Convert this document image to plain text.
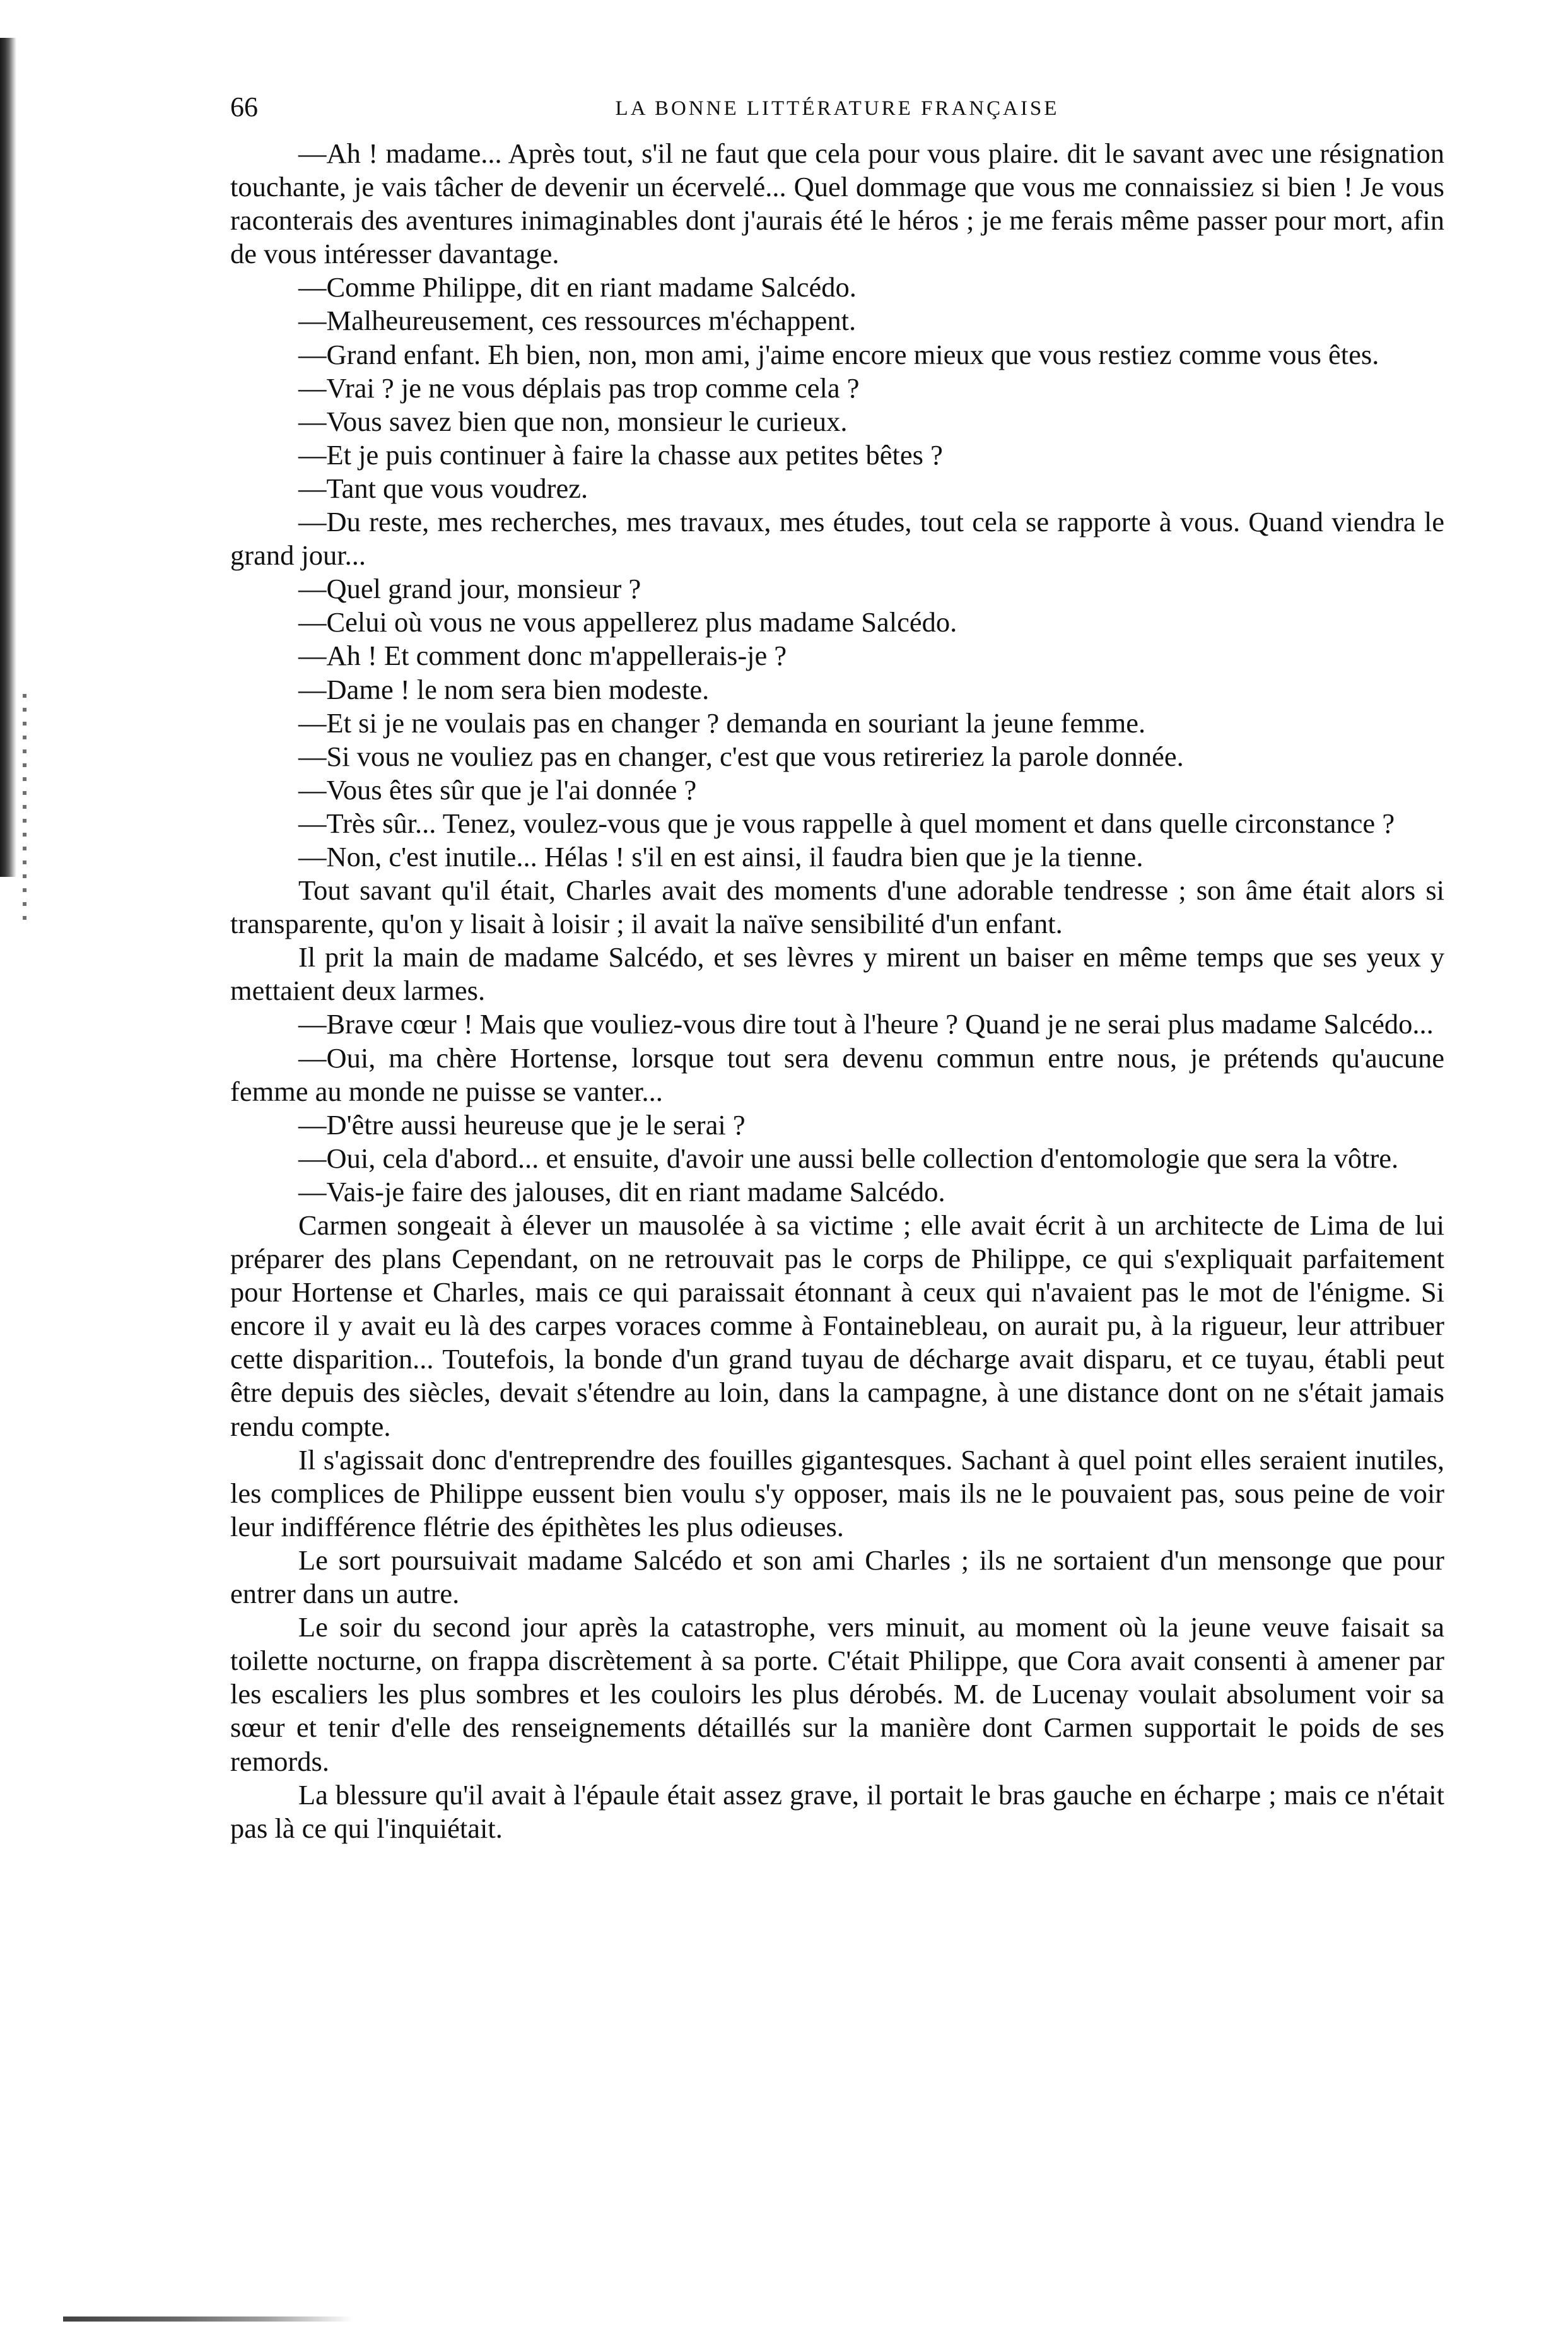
66	LA BONNE LITTÉRATURE FRANÇAISE

—Ah ! madame... Après tout, s'il ne faut que cela pour vous plaire. dit le savant avec une résignation touchante, je vais tâcher de devenir un écervelé... Quel dommage que vous me connaissiez si bien ! Je vous raconterais des aventures inimaginables dont j'aurais été le héros ; je me ferais même passer pour mort, afin de vous intéresser davantage.

—Comme Philippe, dit en riant madame Salcédo.

—Malheureusement, ces ressources m'échappent.

—Grand enfant. Eh bien, non, mon ami, j'aime encore mieux que vous restiez comme vous êtes.

—Vrai ? je ne vous déplais pas trop comme cela ?

—Vous savez bien que non, monsieur le curieux.

—Et je puis continuer à faire la chasse aux petites bêtes ?

—Tant que vous voudrez.

—Du reste, mes recherches, mes travaux, mes études, tout cela se rapporte à vous. Quand viendra le grand jour...

—Quel grand jour, monsieur ?

—Celui où vous ne vous appellerez plus madame Salcédo.

—Ah ! Et comment donc m'appellerais-je ?

—Dame ! le nom sera bien modeste.

—Et si je ne voulais pas en changer ? demanda en souriant la jeune femme.

—Si vous ne vouliez pas en changer, c'est que vous retireriez la parole donnée.

—Vous êtes sûr que je l'ai donnée ?

—Très sûr... Tenez, voulez-vous que je vous rappelle à quel moment et dans quelle circonstance ?

—Non, c'est inutile... Hélas ! s'il en est ainsi, il faudra bien que je la tienne.

Tout savant qu'il était, Charles avait des moments d'une adorable tendresse ; son âme était alors si transparente, qu'on y lisait à loisir ; il avait la naïve sensibilité d'un enfant.

Il prit la main de madame Salcédo, et ses lèvres y mirent un baiser en même temps que ses yeux y mettaient deux larmes.

—Brave cœur ! Mais que vouliez-vous dire tout à l'heure ? Quand je ne serai plus madame Salcédo...

—Oui, ma chère Hortense, lorsque tout sera devenu commun entre nous, je prétends qu'aucune femme au monde ne puisse se vanter...

—D'être aussi heureuse que je le serai ?

—Oui, cela d'abord... et ensuite, d'avoir une aussi belle collection d'entomologie que sera la vôtre.

—Vais-je faire des jalouses, dit en riant madame Salcédo.

Carmen songeait à élever un mausolée à sa victime ; elle avait écrit à un architecte de Lima de lui préparer des plans Cependant, on ne retrouvait pas le corps de Philippe, ce qui s'expliquait parfaitement pour Hortense et Charles, mais ce qui paraissait étonnant à ceux qui n'avaient pas le mot de l'énigme. Si encore il y avait eu là des carpes voraces comme à Fontainebleau, on aurait pu, à la rigueur, leur attribuer cette disparition... Toutefois, la bonde d'un grand tuyau de décharge avait disparu, et ce tuyau, établi peut être depuis des siècles, devait s'étendre au loin, dans la campagne, à une distance dont on ne s'était jamais rendu compte.

Il s'agissait donc d'entreprendre des fouilles gigantesques. Sachant à quel point elles seraient inutiles, les complices de Philippe eussent bien voulu s'y opposer, mais ils ne le pouvaient pas, sous peine de voir leur indifférence flétrie des épithètes les plus odieuses.

Le sort poursuivait madame Salcédo et son ami Charles ; ils ne sortaient d'un mensonge que pour entrer dans un autre.

Le soir du second jour après la catastrophe, vers minuit, au moment où la jeune veuve faisait sa toilette nocturne, on frappa discrètement à sa porte. C'était Philippe, que Cora avait consenti à amener par les escaliers les plus sombres et les couloirs les plus dérobés. M. de Lucenay voulait absolument voir sa sœur et tenir d'elle des renseignements détaillés sur la manière dont Carmen supportait le poids de ses remords.

La blessure qu'il avait à l'épaule était assez grave, il portait le bras gauche en écharpe ; mais ce n'était pas là ce qui l'inquiétait.
